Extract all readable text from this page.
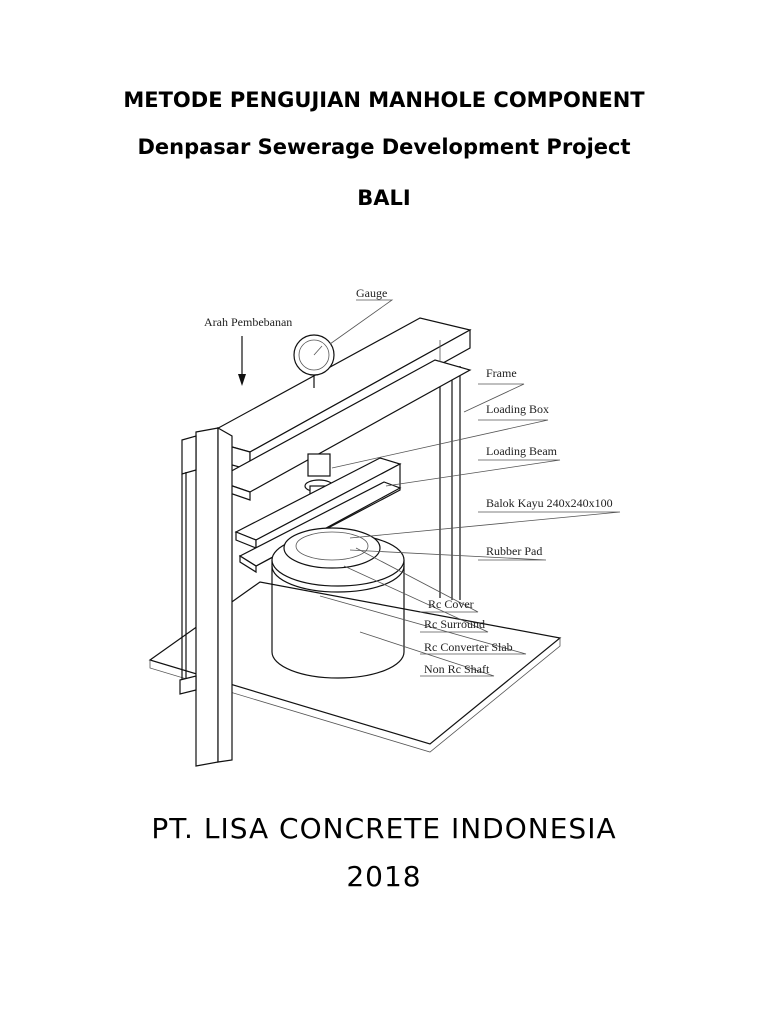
METODE PENGUJIAN MANHOLE COMPONENT
Denpasar Sewerage Development Project
BALI
Gauge
Arah Pembebanan
Frame
Loading Box
Loading Beam
Balok Kayu 240x240x100
Rubber Pad
Rc Cover
Rc Surround
Rc Converter Slab
Non Rc Shaft
PT. LISA CONCRETE INDONESIA
2018
